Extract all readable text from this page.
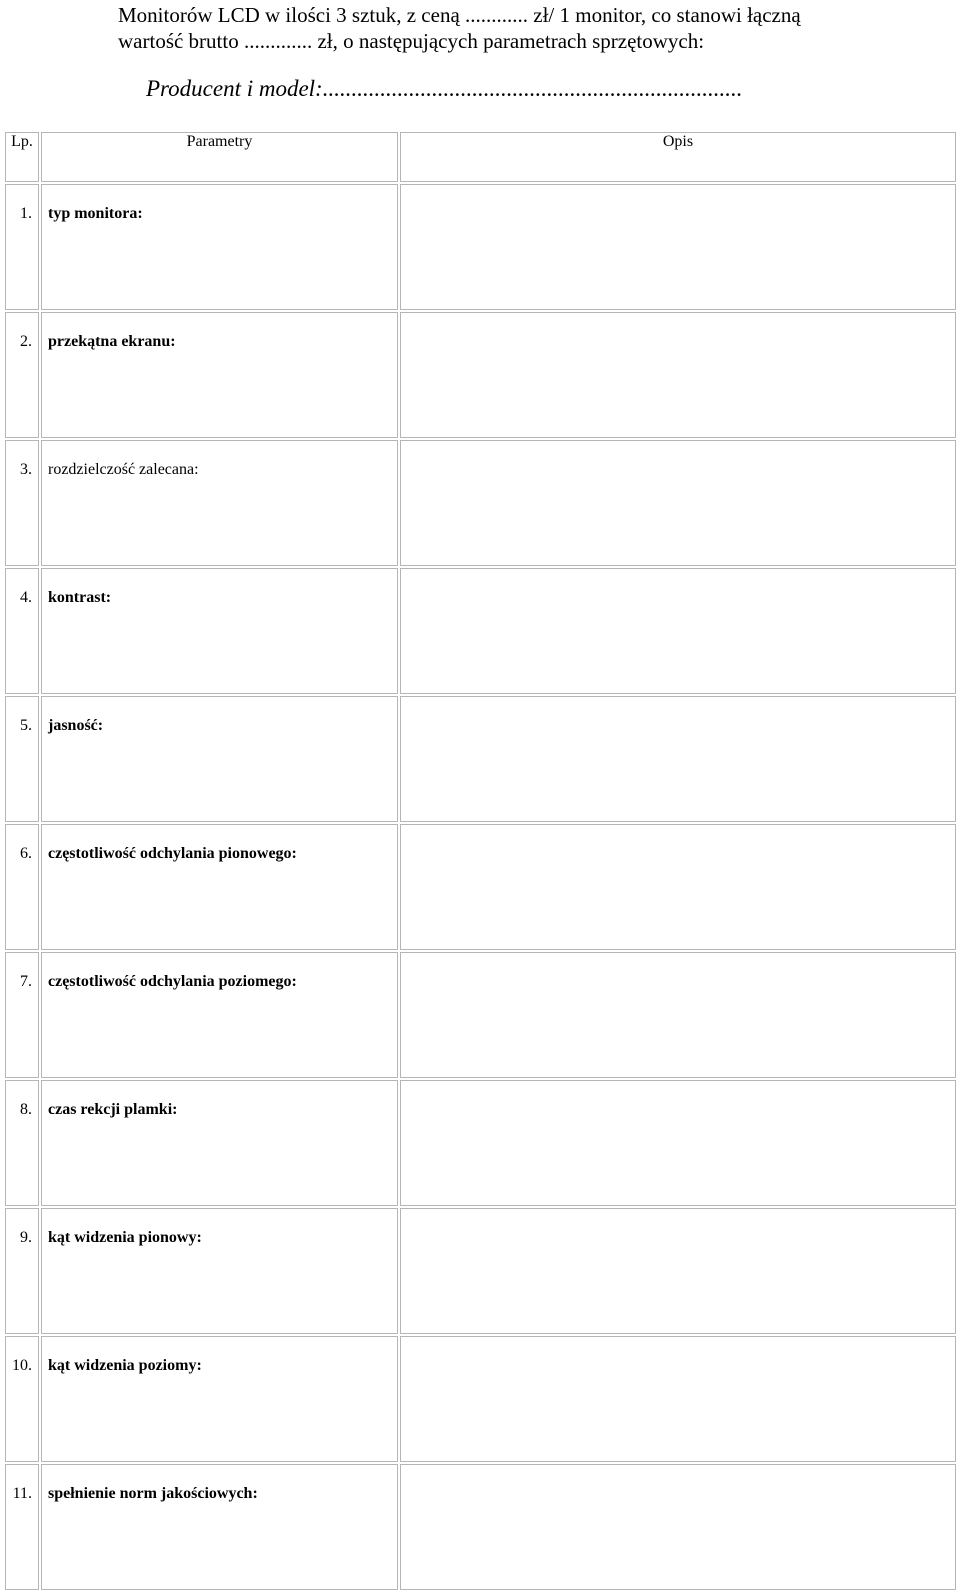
Monitorów LCD w ilości 3 sztuk, z ceną ............ zł/ 1 monitor, co stanowi łączną
wartość brutto ............. zł, o następujących parametrach sprzętowych:
Producent i model:.........................................................................
Lp.	Parametry	Opis
1.	typ monitora:	
2.	przekątna ekranu:	
3.	rozdzielczość zalecana:	
4.	kontrast:	
5.	jasność:	
6.	częstotliwość odchylania pionowego:	
7.	częstotliwość odchylania poziomego:	
8.	czas rekcji plamki:	
9.	kąt widzenia pionowy:	
10.	kąt widzenia poziomy:	
11.	spełnienie norm jakościowych:	
